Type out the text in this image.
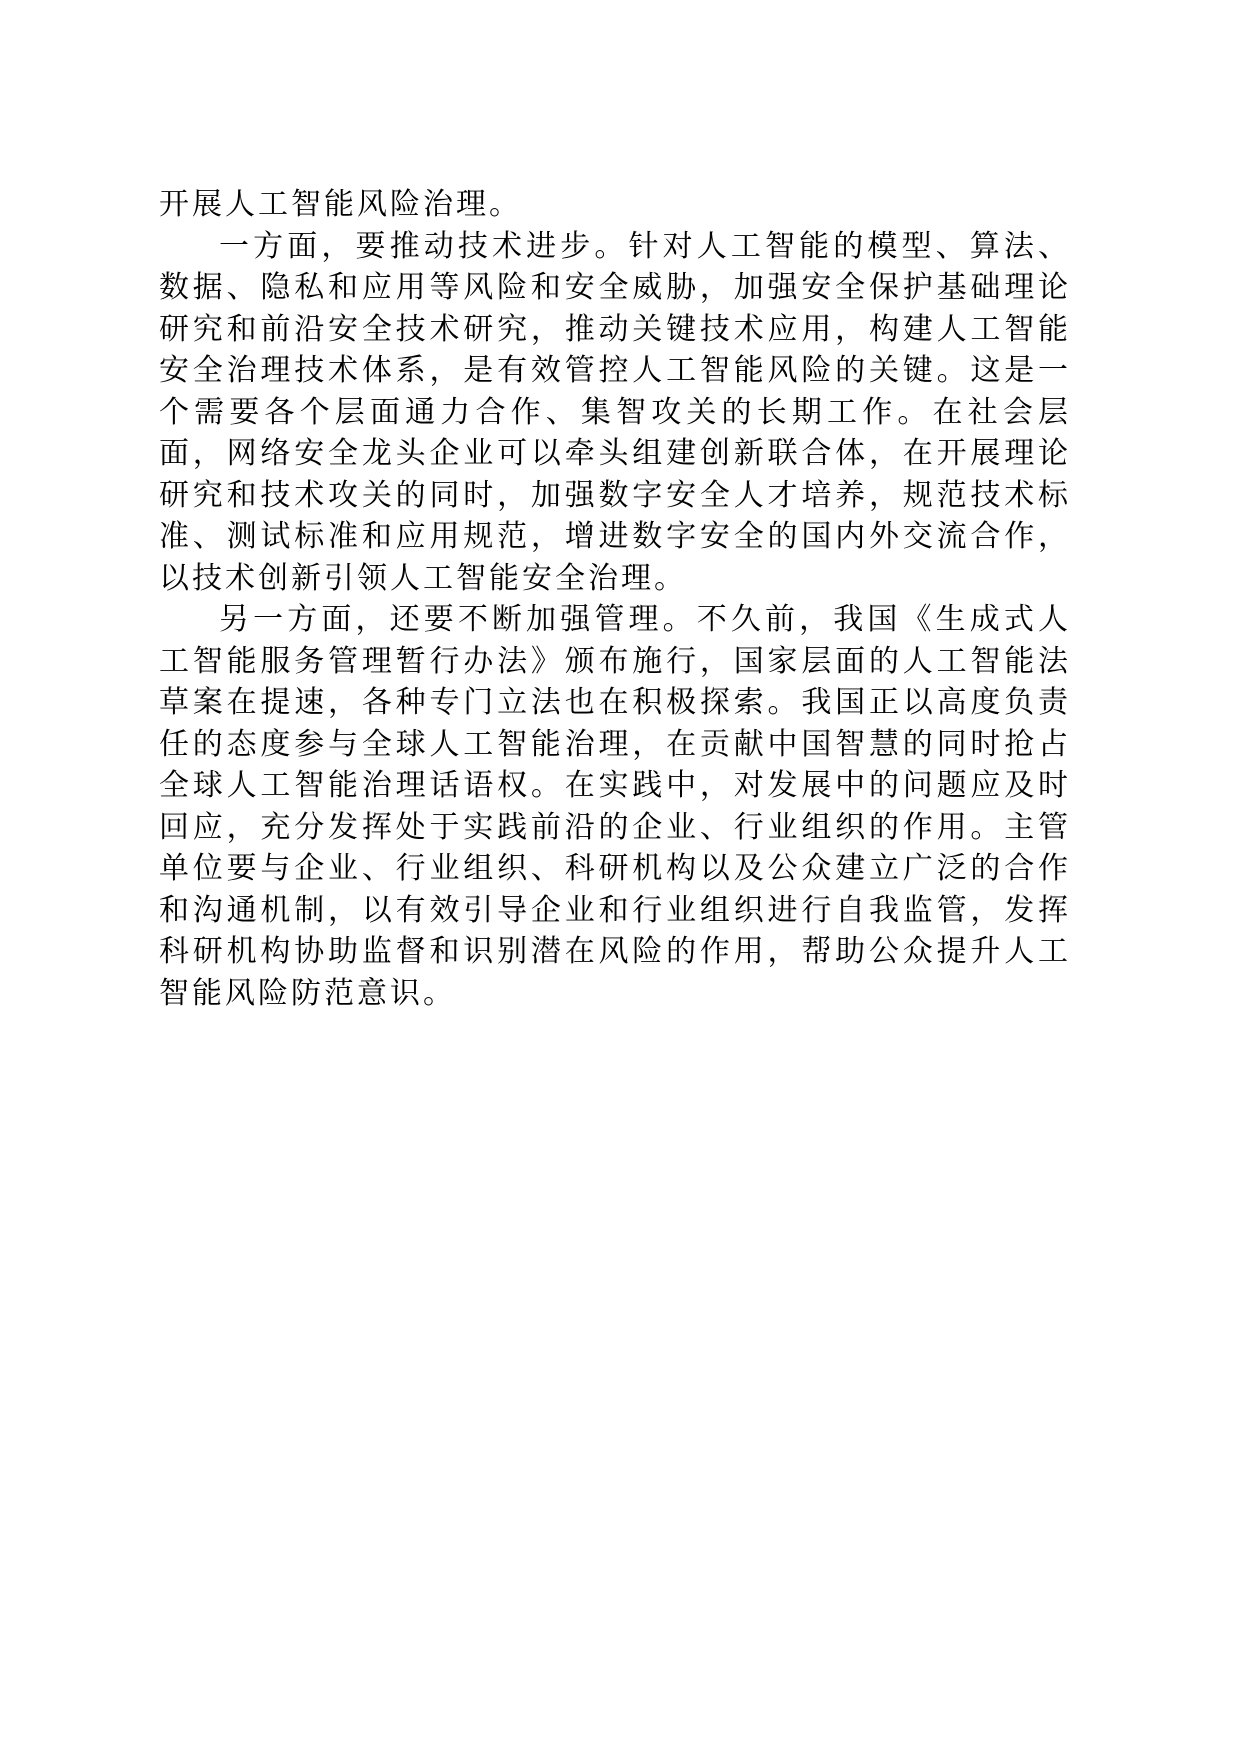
开展人工智能风险治理。

一方面，要推动技术进步。针对人工智能的模型、算法、数据、隐私和应用等风险和安全威胁，加强安全保护基础理论研究和前沿安全技术研究，推动关键技术应用，构建人工智能安全治理技术体系，是有效管控人工智能风险的关键。这是一个需要各个层面通力合作、集智攻关的长期工作。在社会层面，网络安全龙头企业可以牵头组建创新联合体，在开展理论研究和技术攻关的同时，加强数字安全人才培养，规范技术标准、测试标准和应用规范，增进数字安全的国内外交流合作，以技术创新引领人工智能安全治理。

另一方面，还要不断加强管理。不久前，我国《生成式人工智能服务管理暂行办法》颁布施行，国家层面的人工智能法草案在提速，各种专门立法也在积极探索。我国正以高度负责任的态度参与全球人工智能治理，在贡献中国智慧的同时抢占全球人工智能治理话语权。在实践中，对发展中的问题应及时回应，充分发挥处于实践前沿的企业、行业组织的作用。主管单位要与企业、行业组织、科研机构以及公众建立广泛的合作和沟通机制，以有效引导企业和行业组织进行自我监管，发挥科研机构协助监督和识别潜在风险的作用，帮助公众提升人工智能风险防范意识。
